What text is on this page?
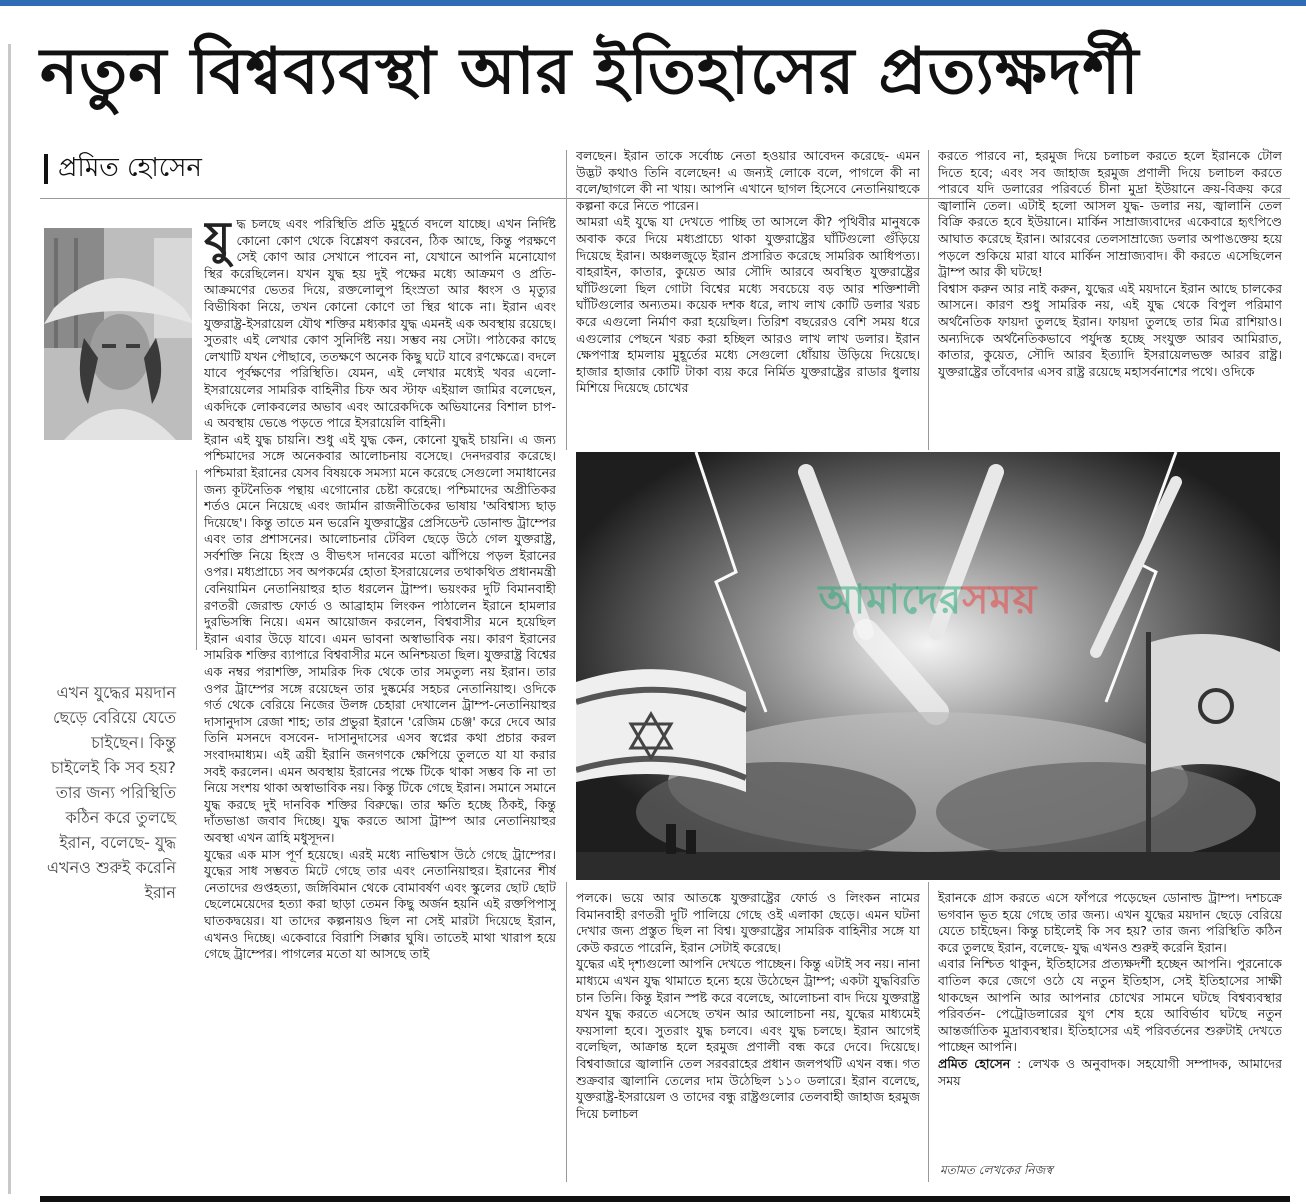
নতুন বিশ্বব্যবস্থা আর ইতিহাসের প্রত্যক্ষদর্শী
প্রমিত হোসেন
এখন যুদ্ধের ময়দান ছেড়ে বেরিয়ে যেতে চাইছেন। কিন্তু চাইলেই কি সব হয়? তার জন্য পরিস্থিতি কঠিন করে তুলছে ইরান, বলেছে- যুদ্ধ এখনও শুরুই করেনি ইরান

যুদ্ধ চলছে এবং পরিস্থিতি প্রতি মুহূর্তে বদলে যাচ্ছে। এখন নির্দিষ্ট কোনো কোণ থেকে বিশ্লেষণ করবেন, ঠিক আছে, কিন্তু পরক্ষণে সেই কোণ আর সেখানে পাবেন না, যেখানে আপনি মনোযোগ স্থির করেছিলেন। যখন যুদ্ধ হয় দুই পক্ষের মধ্যে আক্রমণ ও প্রতি-আক্রমণের ভেতর দিয়ে, রক্তলোলুপ হিংস্রতা আর ধ্বংস ও মৃত্যুর বিভীষিকা নিয়ে, তখন কোনো কোণে তা স্থির থাকে না। ইরান এবং যুক্তরাষ্ট্র-ইসরায়েল যৌথ শক্তির মধ্যকার যুদ্ধ এমনই এক অবস্থায় রয়েছে। সুতরাং এই লেখার কোণ সুনির্দিষ্ট নয়। সম্ভব নয় সেটা। পাঠকের কাছে লেখাটি যখন পৌছাবে, ততক্ষণে অনেক কিছু ঘটে যাবে রণক্ষেত্রে। বদলে যাবে পূর্বক্ষণের পরিস্থিতি। যেমন, এই লেখার মধ্যেই খবর এলো- ইসরায়েলের সামরিক বাহিনীর চিফ অব স্টাফ এইয়াল জামির বলেছেন, একদিকে লোকবলের অভাব এবং আরেকদিকে অভিযানের বিশাল চাপ- এ অবস্থায় ভেঙে পড়তে পারে ইসরায়েলি বাহিনী।

ইরান এই যুদ্ধ চায়নি। শুধু এই যুদ্ধ কেন, কোনো যুদ্ধই চায়নি। এ জন্য পশ্চিমাদের সঙ্গে অনেকবার আলোচনায় বসেছে। দেনদরবার করেছে। পশ্চিমারা ইরানের যেসব বিষয়কে সমস্যা মনে করেছে সেগুলো সমাধানের জন্য কূটনৈতিক পন্থায় এগোনোর চেষ্টা করেছে। পশ্চিমাদের অপ্রীতিকর শর্তও মেনে নিয়েছে এবং জার্মান রাজনীতিকের ভাষায় 'অবিশ্বাস্য ছাড় দিয়েছে'। কিন্তু তাতে মন ভরেনি যুক্তরাষ্ট্রের প্রেসিডেন্ট ডোনাল্ড ট্রাম্পের এবং তার প্রশাসনের। আলোচনার টেবিল ছেড়ে উঠে গেল যুক্তরাষ্ট্র, সর্বশক্তি নিয়ে হিংস্র ও বীভৎস দানবের মতো ঝাঁপিয়ে পড়ল ইরানের ওপর। মধ্যপ্রাচ্যে সব অপকর্মের হোতা ইসরায়েলের তথাকথিত প্রধানমন্ত্রী বেনিয়ামিন নেতানিয়াহুর হাত ধরলেন ট্রাম্প। ভয়ংকর দুটি বিমানবাহী রণতরী জেরাল্ড ফোর্ড ও আব্রাহাম লিংকন পাঠালেন ইরানে হামলার দুরভিসন্ধি নিয়ে। এমন আয়োজন করলেন, বিশ্ববাসীর মনে হয়েছিল ইরান এবার উড়ে যাবে। এমন ভাবনা অস্বাভাবিক নয়। কারণ ইরানের সামরিক শক্তির ব্যাপারে বিশ্ববাসীর মনে অনিশ্চয়তা ছিল। যুক্তরাষ্ট্র বিশ্বের এক নম্বর পরাশক্তি, সামরিক দিক থেকে তার সমতুল্য নয় ইরান। তার ওপর ট্রাম্পের সঙ্গে রয়েছেন তার দুষ্কর্মের সহচর নেতানিয়াহু। ওদিকে গর্ত থেকে বেরিয়ে নিজের উলঙ্গ চেহারা দেখালেন ট্রাম্প-নেতানিয়াহুর দাসানুদাস রেজা শাহ; তার প্রভুরা ইরানে 'রেজিম চেঞ্জ' করে দেবে আর তিনি মসনদে বসবেন- দাসানুদাসের এসব স্বপ্নের কথা প্রচার করল সংবাদমাধ্যম। এই ত্রয়ী ইরানি জনগণকে ক্ষেপিয়ে তুলতে যা যা করার সবই করলেন। এমন অবস্থায় ইরানের পক্ষে টিকে থাকা সম্ভব কি না তা নিয়ে সংশয় থাকা অস্বাভাবিক নয়। কিন্তু টিকে গেছে ইরান। সমানে সমানে যুদ্ধ করছে দুই দানবিক শক্তির বিরুদ্ধে। তার ক্ষতি হচ্ছে ঠিকই, কিন্তু দাঁতভাঙা জবাব দিচ্ছে। যুদ্ধ করতে আসা ট্রাম্প আর নেতানিয়াহুর অবস্থা এখন ত্রাহি মধুসূদন।

যুদ্ধের এক মাস পূর্ণ হয়েছে। এরই মধ্যে নাভিশ্বাস উঠে গেছে ট্রাম্পের। যুদ্ধের সাধ সম্ভবত মিটে গেছে তার এবং নেতানিয়াহুর। ইরানের শীর্ষ নেতাদের গুপ্তহত্যা, জঙ্গিবিমান থেকে বোমাবর্ষণ এবং স্কুলের ছোট ছোট ছেলেমেয়েদের হত্যা করা ছাড়া তেমন কিছু অর্জন হয়নি এই রক্তপিপাসু ঘাতকদ্বয়ের। যা তাদের কল্পনায়ও ছিল না সেই মারটা দিয়েছে ইরান, এখনও দিচ্ছে। একেবারে বিরাশি সিক্কার ঘুষি। তাতেই মাথা খারাপ হয়ে গেছে ট্রাম্পের। পাগলের মতো যা আসছে তাই

বলছেন। ইরান তাকে সর্বোচ্চ নেতা হওয়ার আবেদন করেছে- এমন উদ্ভট কথাও তিনি বলেছেন! এ জন্যই লোকে বলে, পাগলে কী না বলে/ছাগলে কী না খায়। আপনি এখানে ছাগল হিসেবে নেতানিয়াহুকে কল্পনা করে নিতে পারেন।

আমরা এই যুদ্ধে যা দেখতে পাচ্ছি তা আসলে কী? পৃথিবীর মানুষকে অবাক করে দিয়ে মধ্যপ্রাচ্যে থাকা যুক্তরাষ্ট্রের ঘাঁটিগুলো গুঁড়িয়ে দিয়েছে ইরান। অঞ্চলজুড়ে ইরান প্রসারিত করেছে সামরিক আধিপত্য। বাহরাইন, কাতার, কুয়েত আর সৌদি আরবে অবস্থিত যুক্তরাষ্ট্রের ঘাঁটিগুলো ছিল গোটা বিশ্বের মধ্যে সবচেয়ে বড় আর শক্তিশালী ঘাঁটিগুলোর অন্যতম। কয়েক দশক ধরে, লাখ লাখ কোটি ডলার খরচ করে এগুলো নির্মাণ করা হয়েছিল। তিরিশ বছরেরও বেশি সময় ধরে এগুলোর পেছনে খরচ করা হচ্ছিল আরও লাখ লাখ ডলার। ইরান ক্ষেপণাস্ত্র হামলায় মুহূর্তের মধ্যে সেগুলো ধোঁয়ায় উড়িয়ে দিয়েছে। হাজার হাজার কোটি টাকা ব্যয় করে নির্মিত যুক্তরাষ্ট্রের রাডার ধুলায় মিশিয়ে দিয়েছে চোখের

করতে পারবে না, হরমুজ দিয়ে চলাচল করতে হলে ইরানকে টোল দিতে হবে; এবং সব জাহাজ হরমুজ প্রণালী দিয়ে চলাচল করতে পারবে যদি ডলারের পরিবর্তে চীনা মুদ্রা ইউয়ানে ক্রয়-বিক্রয় করে জ্বালানি তেল। এটাই হলো আসল যুদ্ধ- ডলার নয়, জ্বালানি তেল বিক্রি করতে হবে ইউয়ানে। মার্কিন সাম্রাজ্যবাদের একেবারে হৃৎপিণ্ডে আঘাত করেছে ইরান। আরবের তেলসাম্রাজ্যে ডলার অপাঙক্তেয় হয়ে পড়লে শুকিয়ে মারা যাবে মার্কিন সাম্রাজ্যবাদ। কী করতে এসেছিলেন ট্রাম্প আর কী ঘটছে!

বিশ্বাস করুন আর নাই করুন, যুদ্ধের এই ময়দানে ইরান আছে চালকের আসনে। কারণ শুধু সামরিক নয়, এই যুদ্ধ থেকে বিপুল পরিমাণ অর্থনৈতিক ফায়দা তুলছে ইরান। ফায়দা তুলছে তার মিত্র রাশিয়াও। অন্যদিকে অর্থনৈতিকভাবে পর্যুদস্ত হচ্ছে সংযুক্ত আরব আমিরাত, কাতার, কুয়েত, সৌদি আরব ইত্যাদি ইসরায়েলভক্ত আরব রাষ্ট্র। যুক্তরাষ্ট্রের তাঁবেদার এসব রাষ্ট্র রয়েছে মহাসর্বনাশের পথে। ওদিকে

আমাদেরসময়

পলকে। ভয়ে আর আতঙ্কে যুক্তরাষ্ট্রের ফোর্ড ও লিংকন নামের বিমানবাহী রণতরী দুটি পালিয়ে গেছে ওই এলাকা ছেড়ে। এমন ঘটনা দেখার জন্য প্রস্তুত ছিল না বিশ্ব। যুক্তরাষ্ট্রের সামরিক বাহিনীর সঙ্গে যা কেউ করতে পারেনি, ইরান সেটাই করেছে।

যুদ্ধের এই দৃশ্যগুলো আপনি দেখতে পাচ্ছেন। কিন্তু এটাই সব নয়। নানা মাধ্যমে এখন যুদ্ধ থামাতে হন্যে হয়ে উঠেছেন ট্রাম্প; একটা যুদ্ধবিরতি চান তিনি। কিন্তু ইরান স্পষ্ট করে বলেছে, আলোচনা বাদ দিয়ে যুক্তরাষ্ট্র যখন যুদ্ধ করতে এসেছে তখন আর আলোচনা নয়, যুদ্ধের মাধ্যমেই ফয়সালা হবে। সুতরাং যুদ্ধ চলবে। এবং যুদ্ধ চলছে। ইরান আগেই বলেছিল, আক্রান্ত হলে হরমুজ প্রণালী বন্ধ করে দেবে। দিয়েছে। বিশ্ববাজারে জ্বালানি তেল সরবরাহের প্রধান জলপথটি এখন বন্ধ। গত শুক্রবার জ্বালানি তেলের দাম উঠেছিল ১১০ ডলারে। ইরান বলেছে, যুক্তরাষ্ট্র-ইসরায়েল ও তাদের বন্ধু রাষ্ট্রগুলোর তেলবাহী জাহাজ হরমুজ দিয়ে চলাচল

ইরানকে গ্রাস করতে এসে ফাঁপরে পড়েছেন ডোনাল্ড ট্রাম্প। দশচক্রে ভগবান ভূত হয়ে গেছে তার জন্য। এখন যুদ্ধের ময়দান ছেড়ে বেরিয়ে যেতে চাইছেন। কিন্তু চাইলেই কি সব হয়? তার জন্য পরিস্থিতি কঠিন করে তুলছে ইরান, বলেছে- যুদ্ধ এখনও শুরুই করেনি ইরান।

এবার নিশ্চিত থাকুন, ইতিহাসের প্রত্যক্ষদর্শী হচ্ছেন আপনি। পুরনোকে বাতিল করে জেগে ওঠে যে নতুন ইতিহাস, সেই ইতিহাসের সাক্ষী থাকছেন আপনি আর আপনার চোখের সামনে ঘটছে বিশ্বব্যবস্থার পরিবর্তন- পেট্রোডলারের যুগ শেষ হয়ে আবির্ভাব ঘটছে নতুন আন্তর্জাতিক মুদ্রাব্যবস্থার। ইতিহাসের এই পরিবর্তনের শুরুটাই দেখতে পাচ্ছেন আপনি।

প্রমিত হোসেন : লেখক ও অনুবাদক। সহযোগী সম্পাদক, আমাদের সময়

মতামত লেখকের নিজস্ব
